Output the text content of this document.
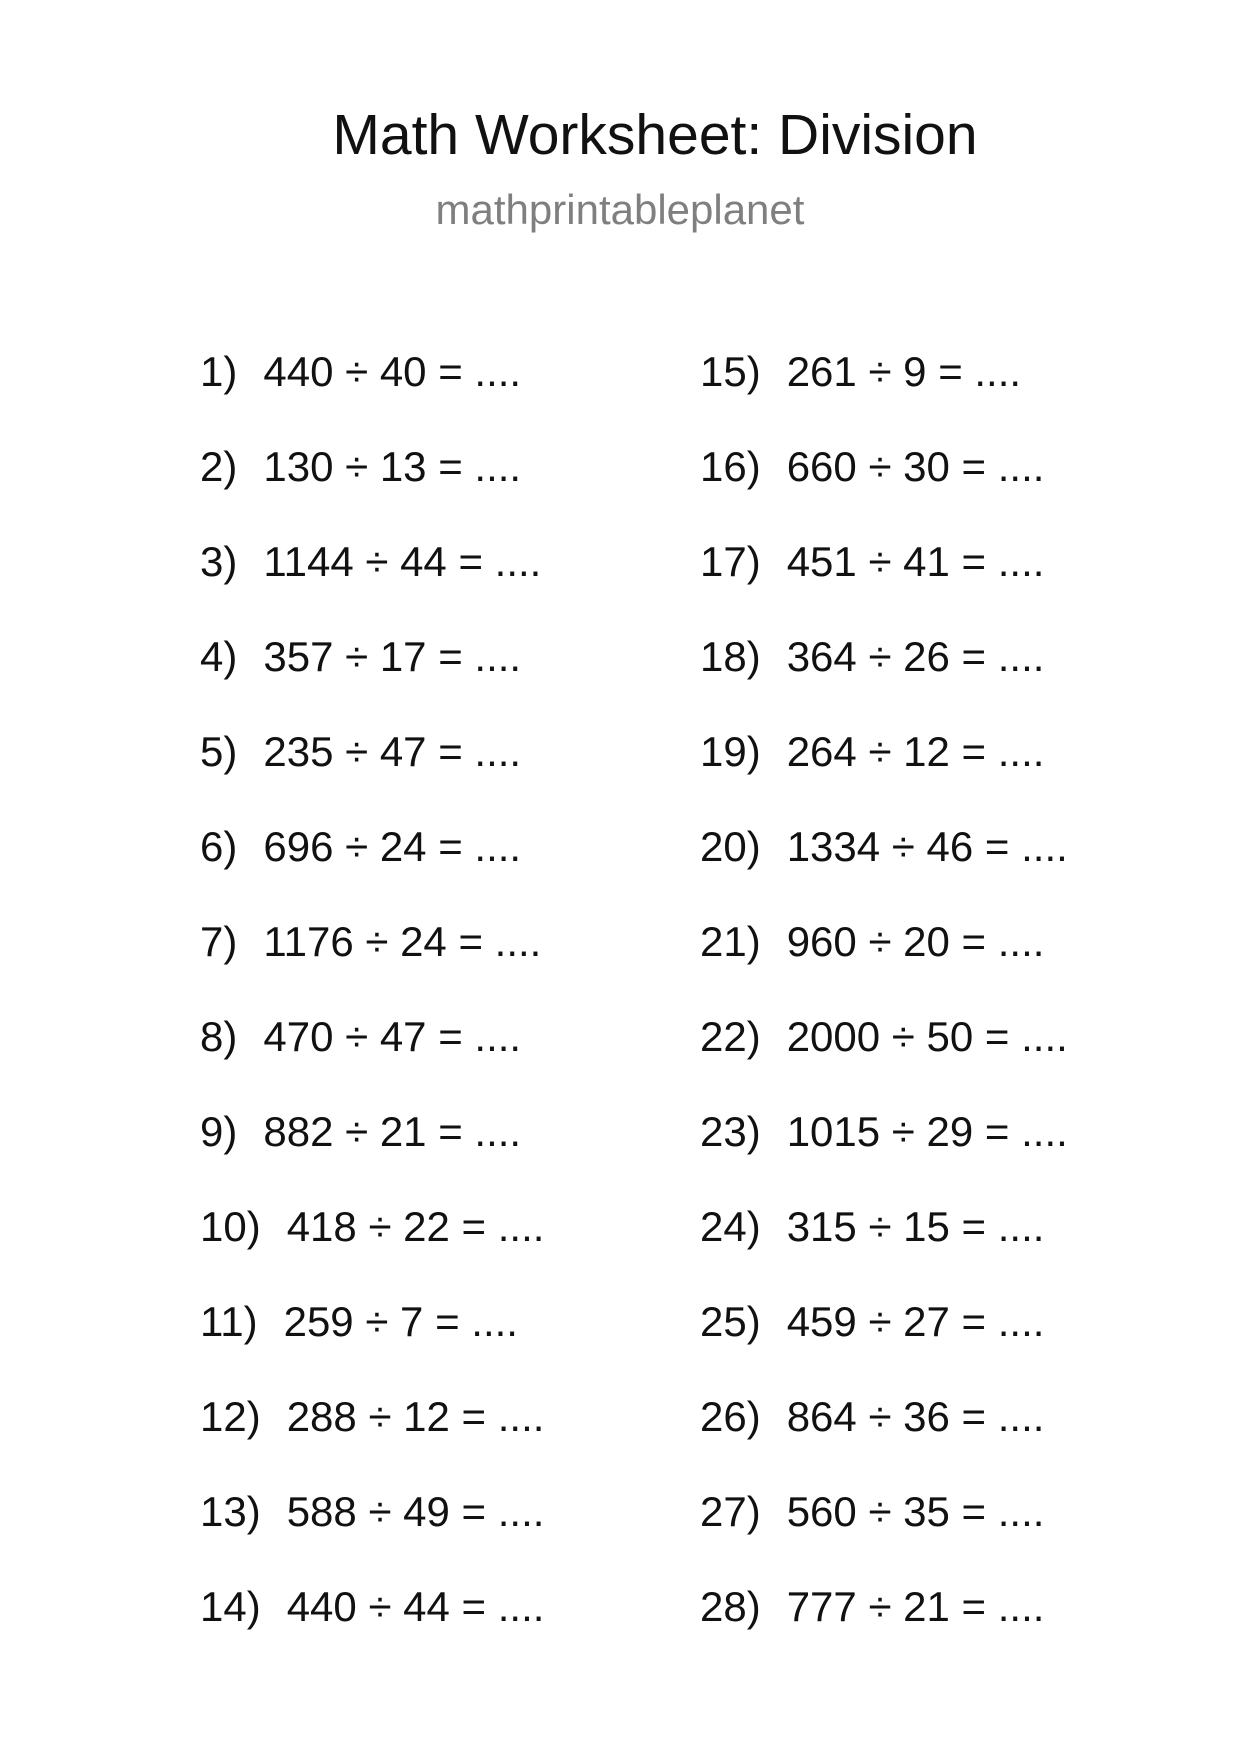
Math Worksheet: Division
mathprintableplanet
1) 440 ÷ 40 = ....
2) 130 ÷ 13 = ....
3) 1144 ÷ 44 = ....
4) 357 ÷ 17 = ....
5) 235 ÷ 47 = ....
6) 696 ÷ 24 = ....
7) 1176 ÷ 24 = ....
8) 470 ÷ 47 = ....
9) 882 ÷ 21 = ....
10) 418 ÷ 22 = ....
11) 259 ÷ 7 = ....
12) 288 ÷ 12 = ....
13) 588 ÷ 49 = ....
14) 440 ÷ 44 = ....
15) 261 ÷ 9 = ....
16) 660 ÷ 30 = ....
17) 451 ÷ 41 = ....
18) 364 ÷ 26 = ....
19) 264 ÷ 12 = ....
20) 1334 ÷ 46 = ....
21) 960 ÷ 20 = ....
22) 2000 ÷ 50 = ....
23) 1015 ÷ 29 = ....
24) 315 ÷ 15 = ....
25) 459 ÷ 27 = ....
26) 864 ÷ 36 = ....
27) 560 ÷ 35 = ....
28) 777 ÷ 21 = ....
